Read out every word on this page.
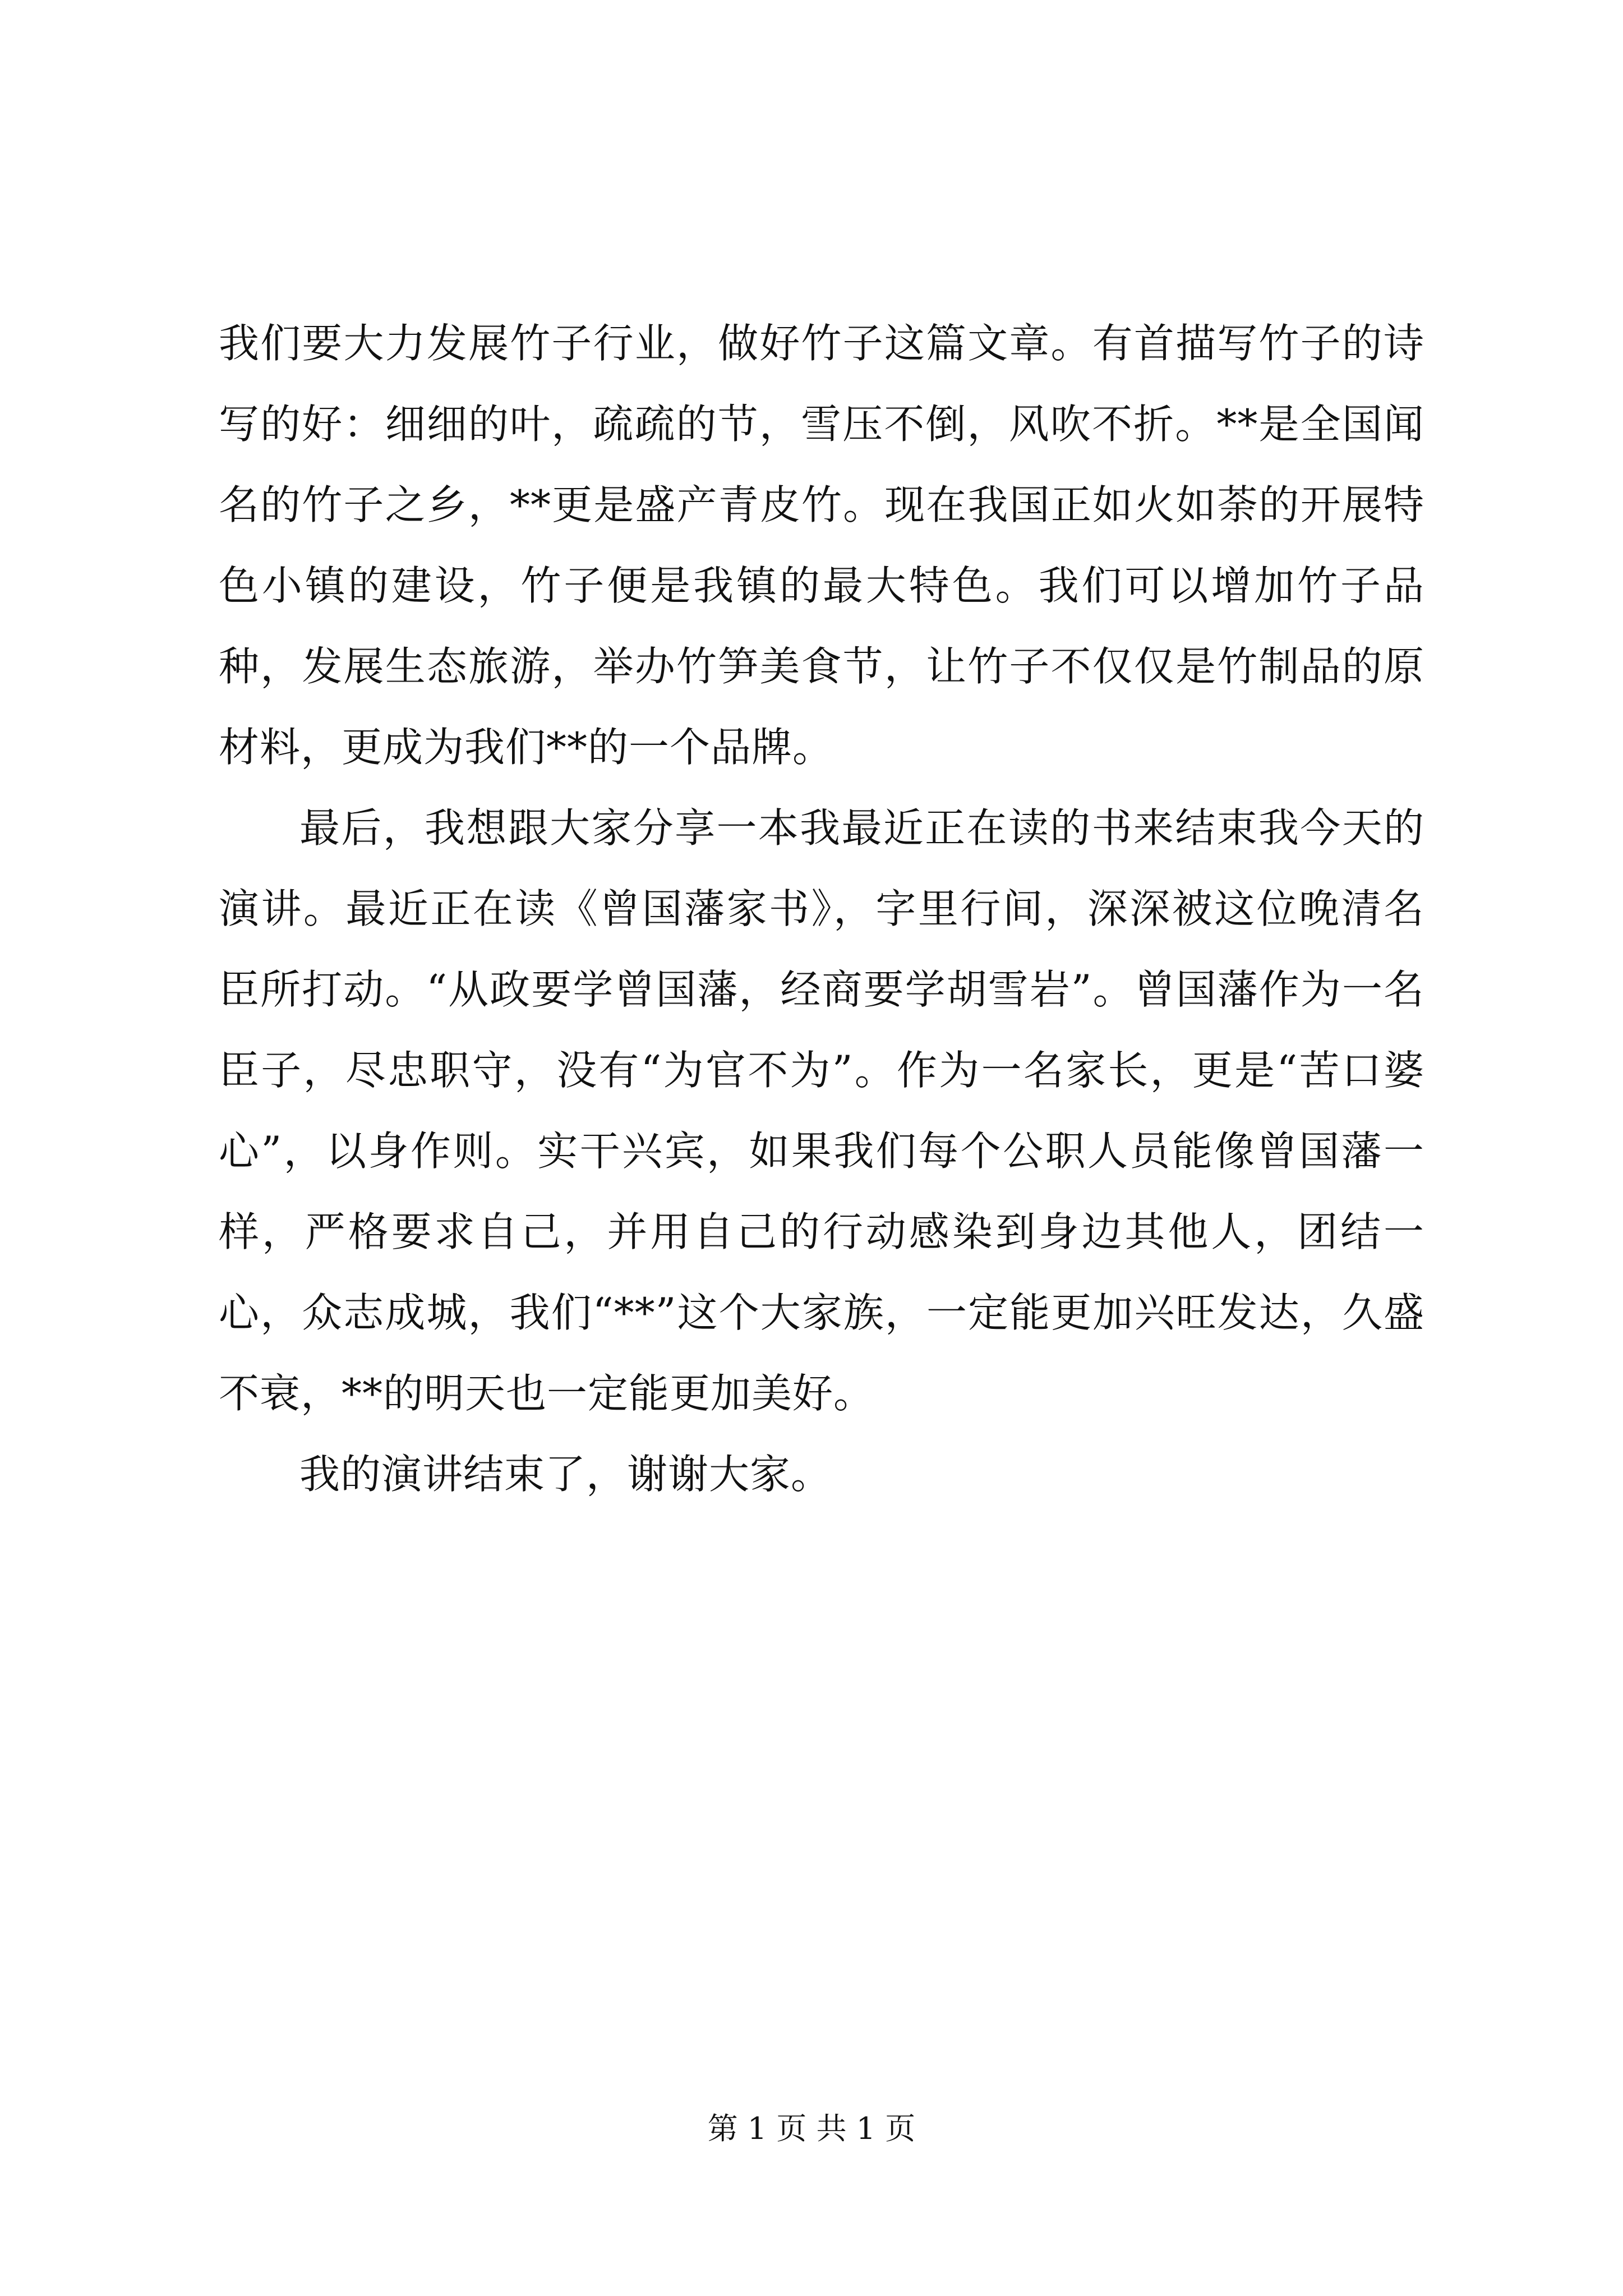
我们要大力发展竹子行业，做好竹子这篇文章。有首描写竹子的诗写的好：细细的叶，疏疏的节，雪压不倒，风吹不折。**是全国闻名的竹子之乡，**更是盛产青皮竹。现在我国正如火如荼的开展特色小镇的建设，竹子便是我镇的最大特色。我们可以增加竹子品种，发展生态旅游，举办竹笋美食节，让竹子不仅仅是竹制品的原材料，更成为我们**的一个品牌。

最后，我想跟大家分享一本我最近正在读的书来结束我今天的演讲。最近正在读《曾国藩家书》，字里行间，深深被这位晚清名臣所打动。“从政要学曾国藩，经商要学胡雪岩”。曾国藩作为一名臣子，尽忠职守，没有“为官不为”。作为一名家长，更是“苦口婆心”，以身作则。实干兴宾，如果我们每个公职人员能像曾国藩一样，严格要求自己，并用自己的行动感染到身边其他人，团结一心，众志成城，我们“**”这个大家族，一定能更加兴旺发达，久盛不衰，**的明天也一定能更加美好。

我的演讲结束了，谢谢大家。

第 1 页 共 1 页
